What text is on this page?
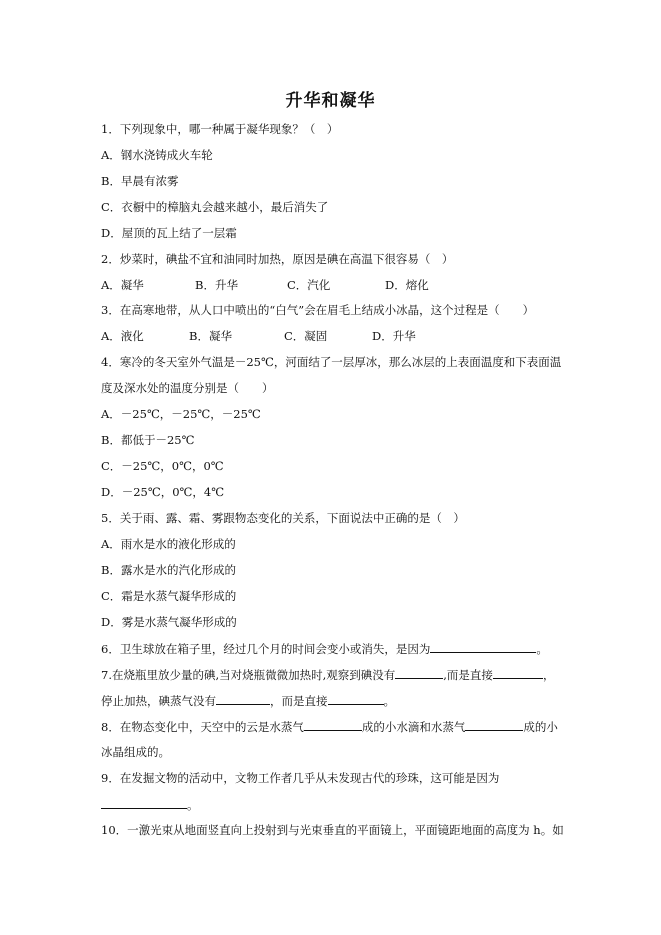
升华和凝华
1．下列现象中，哪一种属于凝华现象？（　）
A．钢水浇铸成火车轮
B．早晨有浓雾
C．衣橱中的樟脑丸会越来越小，最后消失了
D．屋顶的瓦上结了一层霜
2．炒菜时，碘盐不宜和油同时加热，原因是碘在高温下很容易（　）
A．凝华	B．升华	C．汽化	D．熔化
3．在高寒地带，从人口中喷出的“白气”会在眉毛上结成小冰晶，这个过程是（　　）
A．液化	B．凝华	C．凝固	D．升华
4．寒冷的冬天室外气温是－25℃，河面结了一层厚冰，那么冰层的上表面温度和下表面温
度及深水处的温度分别是（　　）
A．－25℃，－25℃，－25℃
B．都低于－25℃
C．－25℃，0℃，0℃
D．－25℃，0℃，4℃
5．关于雨、露、霜、雾跟物态变化的关系，下面说法中正确的是（　）
A．雨水是水的液化形成的
B．露水是水的汽化形成的
C．霜是水蒸气凝华形成的
D．雾是水蒸气凝华形成的
6．卫生球放在箱子里，经过几个月的时间会变小或消失，是因为	。
7.在烧瓶里放少量的碘,当对烧瓶微微加热时,观察到碘没有	,而是直接	，
停止加热，碘蒸气没有	，而是直接	。
8．在物态变化中，天空中的云是水蒸气	成的小水滴和水蒸气	成的小
冰晶组成的。
9．在发掘文物的活动中，文物工作者几乎从未发现古代的珍珠，这可能是因为
。
10．一激光束从地面竖直向上投射到与光束垂直的平面镜上，平面镜距地面的高度为 h。如
